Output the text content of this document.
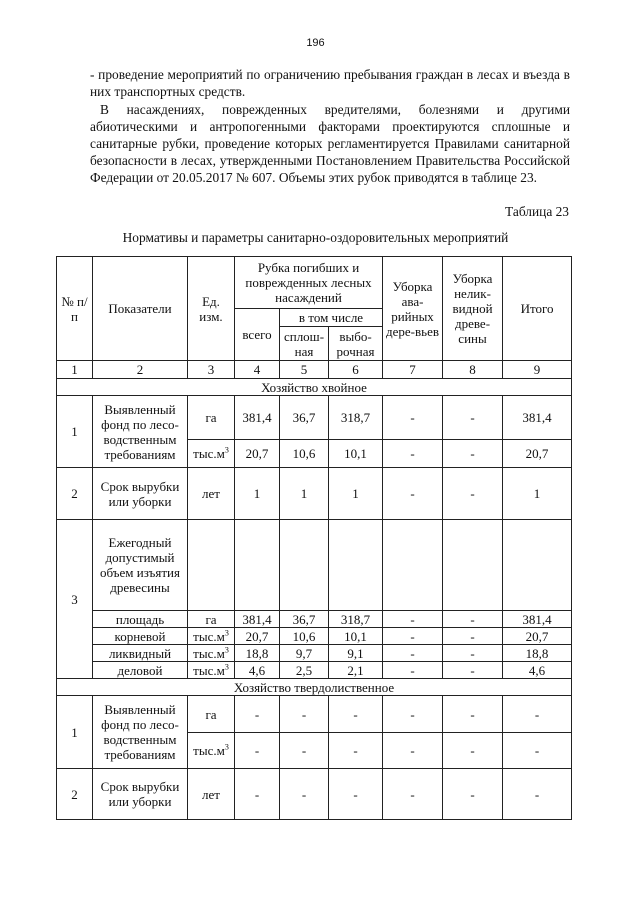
196
- проведение мероприятий по ограничению пребывания граждан в лесах и въезда в них транспортных средств.
В насаждениях, поврежденных вредителями, болезнями и другими абиотическими и антропогенными факторами проектируются сплошные и санитарные рубки, проведение которых регламентируется Правилами санитарной безопасности в лесах, утвержденными Постановлением Правительства Российской Федерации от 20.05.2017 № 607. Объемы этих рубок приводятся в таблице 23.
Таблица 23
Нормативы и параметры санитарно-оздоровительных мероприятий
№ п/п	Показатели	Ед. изм.	Рубка погибших и поврежденных лесных насаждений			Уборка ава-рийных дере-вьев	Уборка нелик-видной древе-сины	Итого
			всего	в том числе				
				сплош-ная	выбо-рочная			
1	2	3	4	5	6	7	8	9
Хозяйство хвойное								
1	Выявленный фонд по лесо-водственным требованиям	га	381,4	36,7	318,7	-	-	381,4
		$тыс.м^3$	20,7	10,6	10,1	-	-	20,7
2	Срок вырубки или уборки	лет	1	1	1	-	-	1
3	Ежегодный допустимый объем изъятия древесины							
	площадь	га	381,4	36,7	318,7	-	-	381,4
	корневой	$тыс.м^3$	20,7	10,6	10,1	-	-	20,7
	ликвидный	$тыс.м^3$	18,8	9,7	9,1	-	-	18,8
	деловой	$тыс.м^3$	4,6	2,5	2,1	-	-	4,6
Хозяйство твердолиственное								
1	Выявленный фонд по лесо-водственным требованиям	га	-	-	-	-	-	-
		$тыс.м^3$	-	-	-	-	-	-
2	Срок вырубки или уборки	лет	-	-	-	-	-	-
